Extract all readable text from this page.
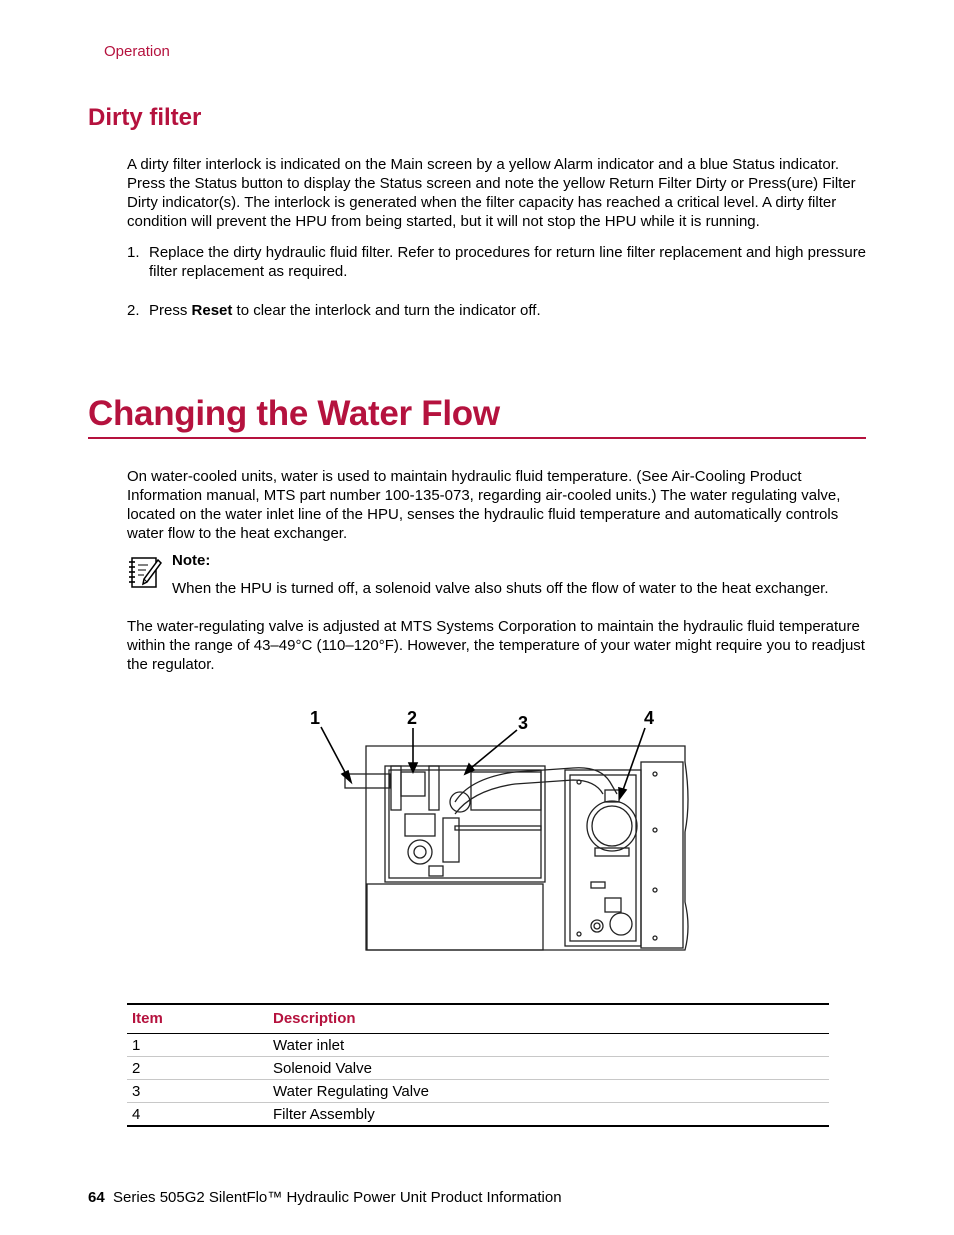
Operation
Dirty filter
A dirty filter interlock is indicated on the Main screen by a yellow Alarm indicator and a blue Status indicator. Press the Status button to display the Status screen and note the yellow Return Filter Dirty or Press(ure) Filter Dirty indicator(s). The interlock is generated when the filter capacity has reached a critical level. A dirty filter condition will prevent the HPU from being started, but it will not stop the HPU while it is running.
1. Replace the dirty hydraulic fluid filter. Refer to procedures for return line filter replacement and high pressure filter replacement as required.
2. Press Reset to clear the interlock and turn the indicator off.
Changing the Water Flow
On water-cooled units, water is used to maintain hydraulic fluid temperature. (See Air-Cooling Product Information manual, MTS part number 100-135-073, regarding air-cooled units.) The water regulating valve, located on the water inlet line of the HPU, senses the hydraulic fluid temperature and automatically controls water flow to the heat exchanger.
Note:
When the HPU is turned off, a solenoid valve also shuts off the flow of water to the heat exchanger.
The water-regulating valve is adjusted at MTS Systems Corporation to maintain the hydraulic fluid temperature within the range of 43–49°C (110–120°F). However, the temperature of your water might require you to readjust the regulator.
1	2	3	4
Item	Description
1	Water inlet
2	Solenoid Valve
3	Water Regulating Valve
4	Filter Assembly
64 Series 505G2 SilentFlo™ Hydraulic Power Unit Product Information
